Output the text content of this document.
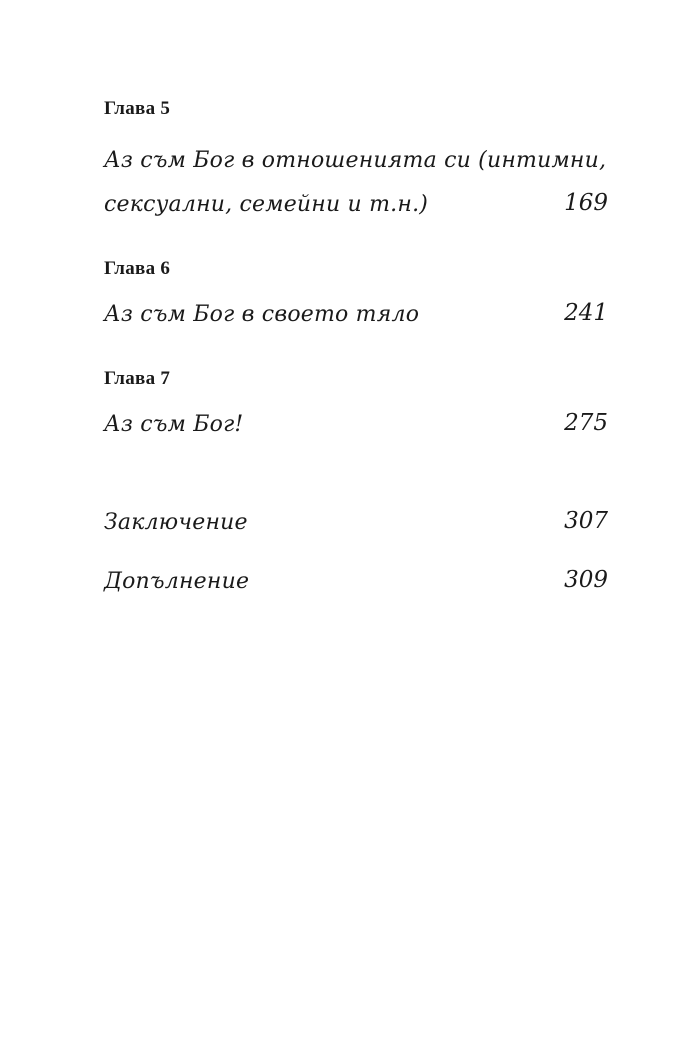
Глава 5
Аз съм Бог в отношенията си (интимни,
сексуални, семейни и т.н.)	169
Глава 6
Аз съм Бог в своето тяло	241
Глава 7
Аз съм Бог!	275
Заключение	307
Допълнение	309
